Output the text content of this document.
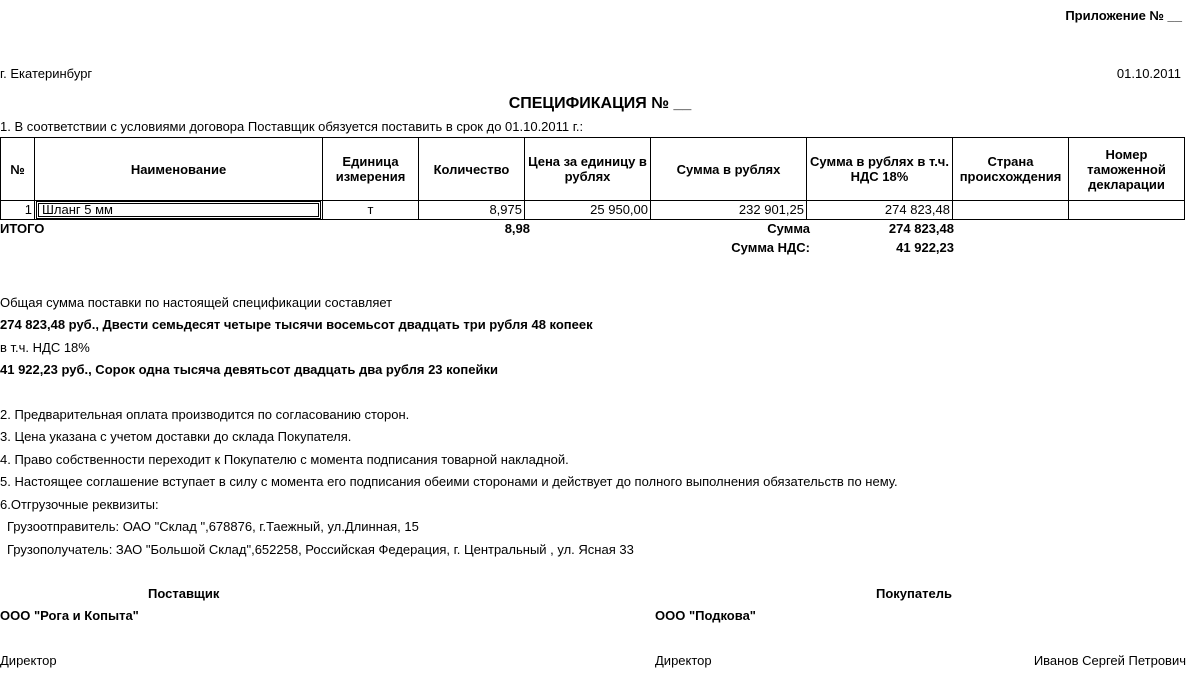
Приложение № __
г. Екатеринбург	01.10.2011
СПЕЦИФИКАЦИЯ № __
1. В соответствии с условиями договора Поставщик обязуется поставить в срок до 01.10.2011 г.:
№	Наименование	Единица измерения	Количество	Цена за единицу в рублях	Сумма в рублях	Сумма в рублях в т.ч. НДС 18%	Страна происхождения	Номер таможенной декларации
1	Шланг 5 мм	т	8,975	25 950,00	232 901,25	274 823,48		
ИТОГО	8,98	Сумма	274 823,48
Сумма НДС:	41 922,23
Общая сумма поставки по настоящей спецификации составляет
274 823,48 руб., Двести семьдесят четыре тысячи восемьсот двадцать три рубля 48 копеек
в т.ч. НДС 18%
41 922,23 руб., Сорок одна тысяча девятьсот двадцать два рубля 23 копейки
2. Предварительная оплата производится по согласованию сторон.
3. Цена указана с учетом доставки до склада Покупателя.
4. Право собственности переходит к Покупателю с момента подписания товарной накладной.
5. Настоящее соглашение вступает в силу с момента его подписания обеими сторонами и действует до полного выполнения обязательств по нему.
6.Отгрузочные реквизиты:
Грузоотправитель: ОАО "Склад ",678876, г.Таежный, ул.Длинная, 15
Грузополучатель: ЗАО "Большой Склад",652258, Российская Федерация, г. Центральный , ул. Ясная 33
Поставщик
ООО "Рога и Копыта"
Директор
Покупатель
ООО "Подкова"
Директор	Иванов Сергей Петрович
